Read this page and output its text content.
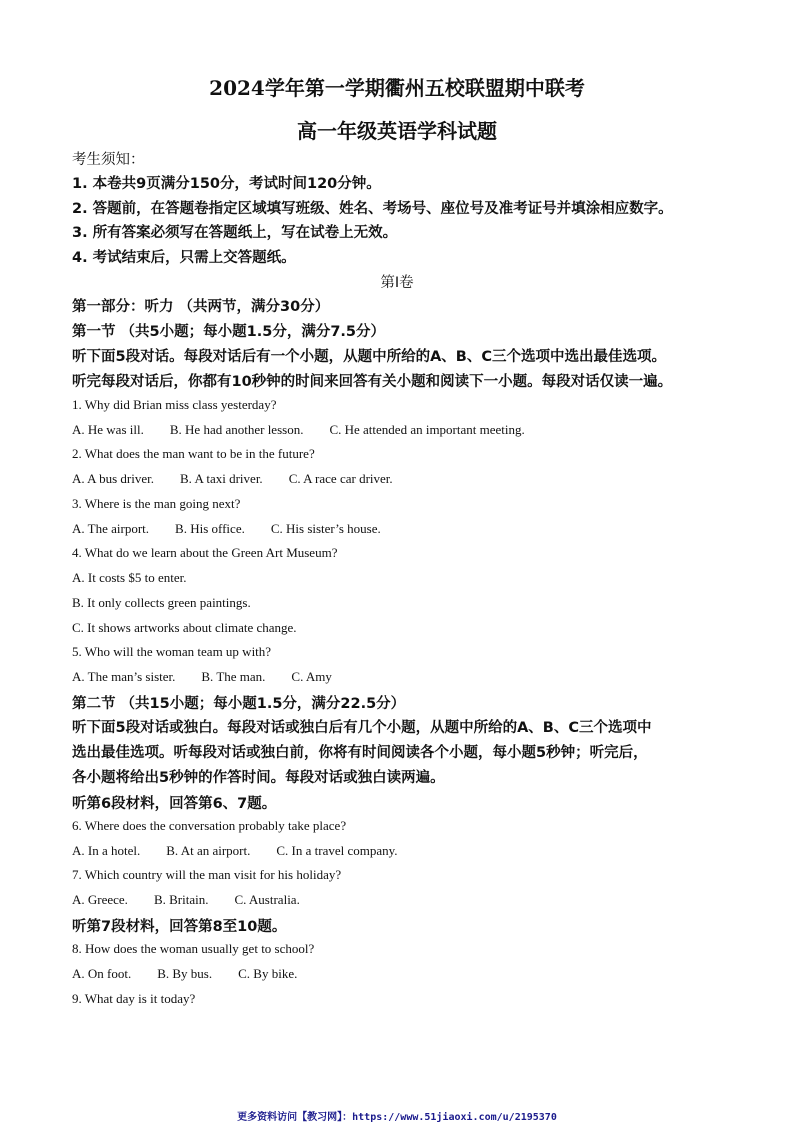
2024学年第一学期衢州五校联盟期中联考
高一年级英语学科试题
考生须知：
1. 本卷共9页满分150分，考试时间120分钟。
2. 答题前，在答题卷指定区域填写班级、姓名、考场号、座位号及准考证号并填涂相应数字。
3. 所有答案必须写在答题纸上，写在试卷上无效。
4. 考试结束后，只需上交答题纸。
第Ⅰ卷
第一部分：听力 （共两节，满分30分）
第一节 （共5小题；每小题1.5分，满分7.5分）
听下面5段对话。每段对话后有一个小题，从题中所给的A、B、C三个选项中选出最佳选项。
听完每段对话后，你都有10秒钟的时间来回答有关小题和阅读下一小题。每段对话仅读一遍。
1. Why did Brian miss class yesterday?
A. He was ill. B. He had another lesson. C. He attended an important meeting.
2. What does the man want to be in the future?
A. A bus driver. B. A taxi driver. C. A race car driver.
3. Where is the man going next?
A. The airport. B. His office. C. His sister’s house.
4. What do we learn about the Green Art Museum?
A. It costs $5 to enter.
B. It only collects green paintings.
C. It shows artworks about climate change.
5. Who will the woman team up with?
A. The man’s sister. B. The man. C. Amy
第二节 （共15小题；每小题1.5分，满分22.5分）
听下面5段对话或独白。每段对话或独白后有几个小题，从题中所给的A、B、C三个选项中
选出最佳选项。听每段对话或独白前，你将有时间阅读各个小题，每小题5秒钟；听完后，
各小题将给出5秒钟的作答时间。每段对话或独白读两遍。
听第6段材料，回答第6、7题。
6. Where does the conversation probably take place?
A. In a hotel. B. At an airport. C. In a travel company.
7. Which country will the man visit for his holiday?
A. Greece. B. Britain. C. Australia.
听第7段材料，回答第8至10题。
8. How does the woman usually get to school?
A. On foot. B. By bus. C. By bike.
9. What day is it today?
更多资料访问【教习网】：https://www.51jiaoxi.com/u/2195370
